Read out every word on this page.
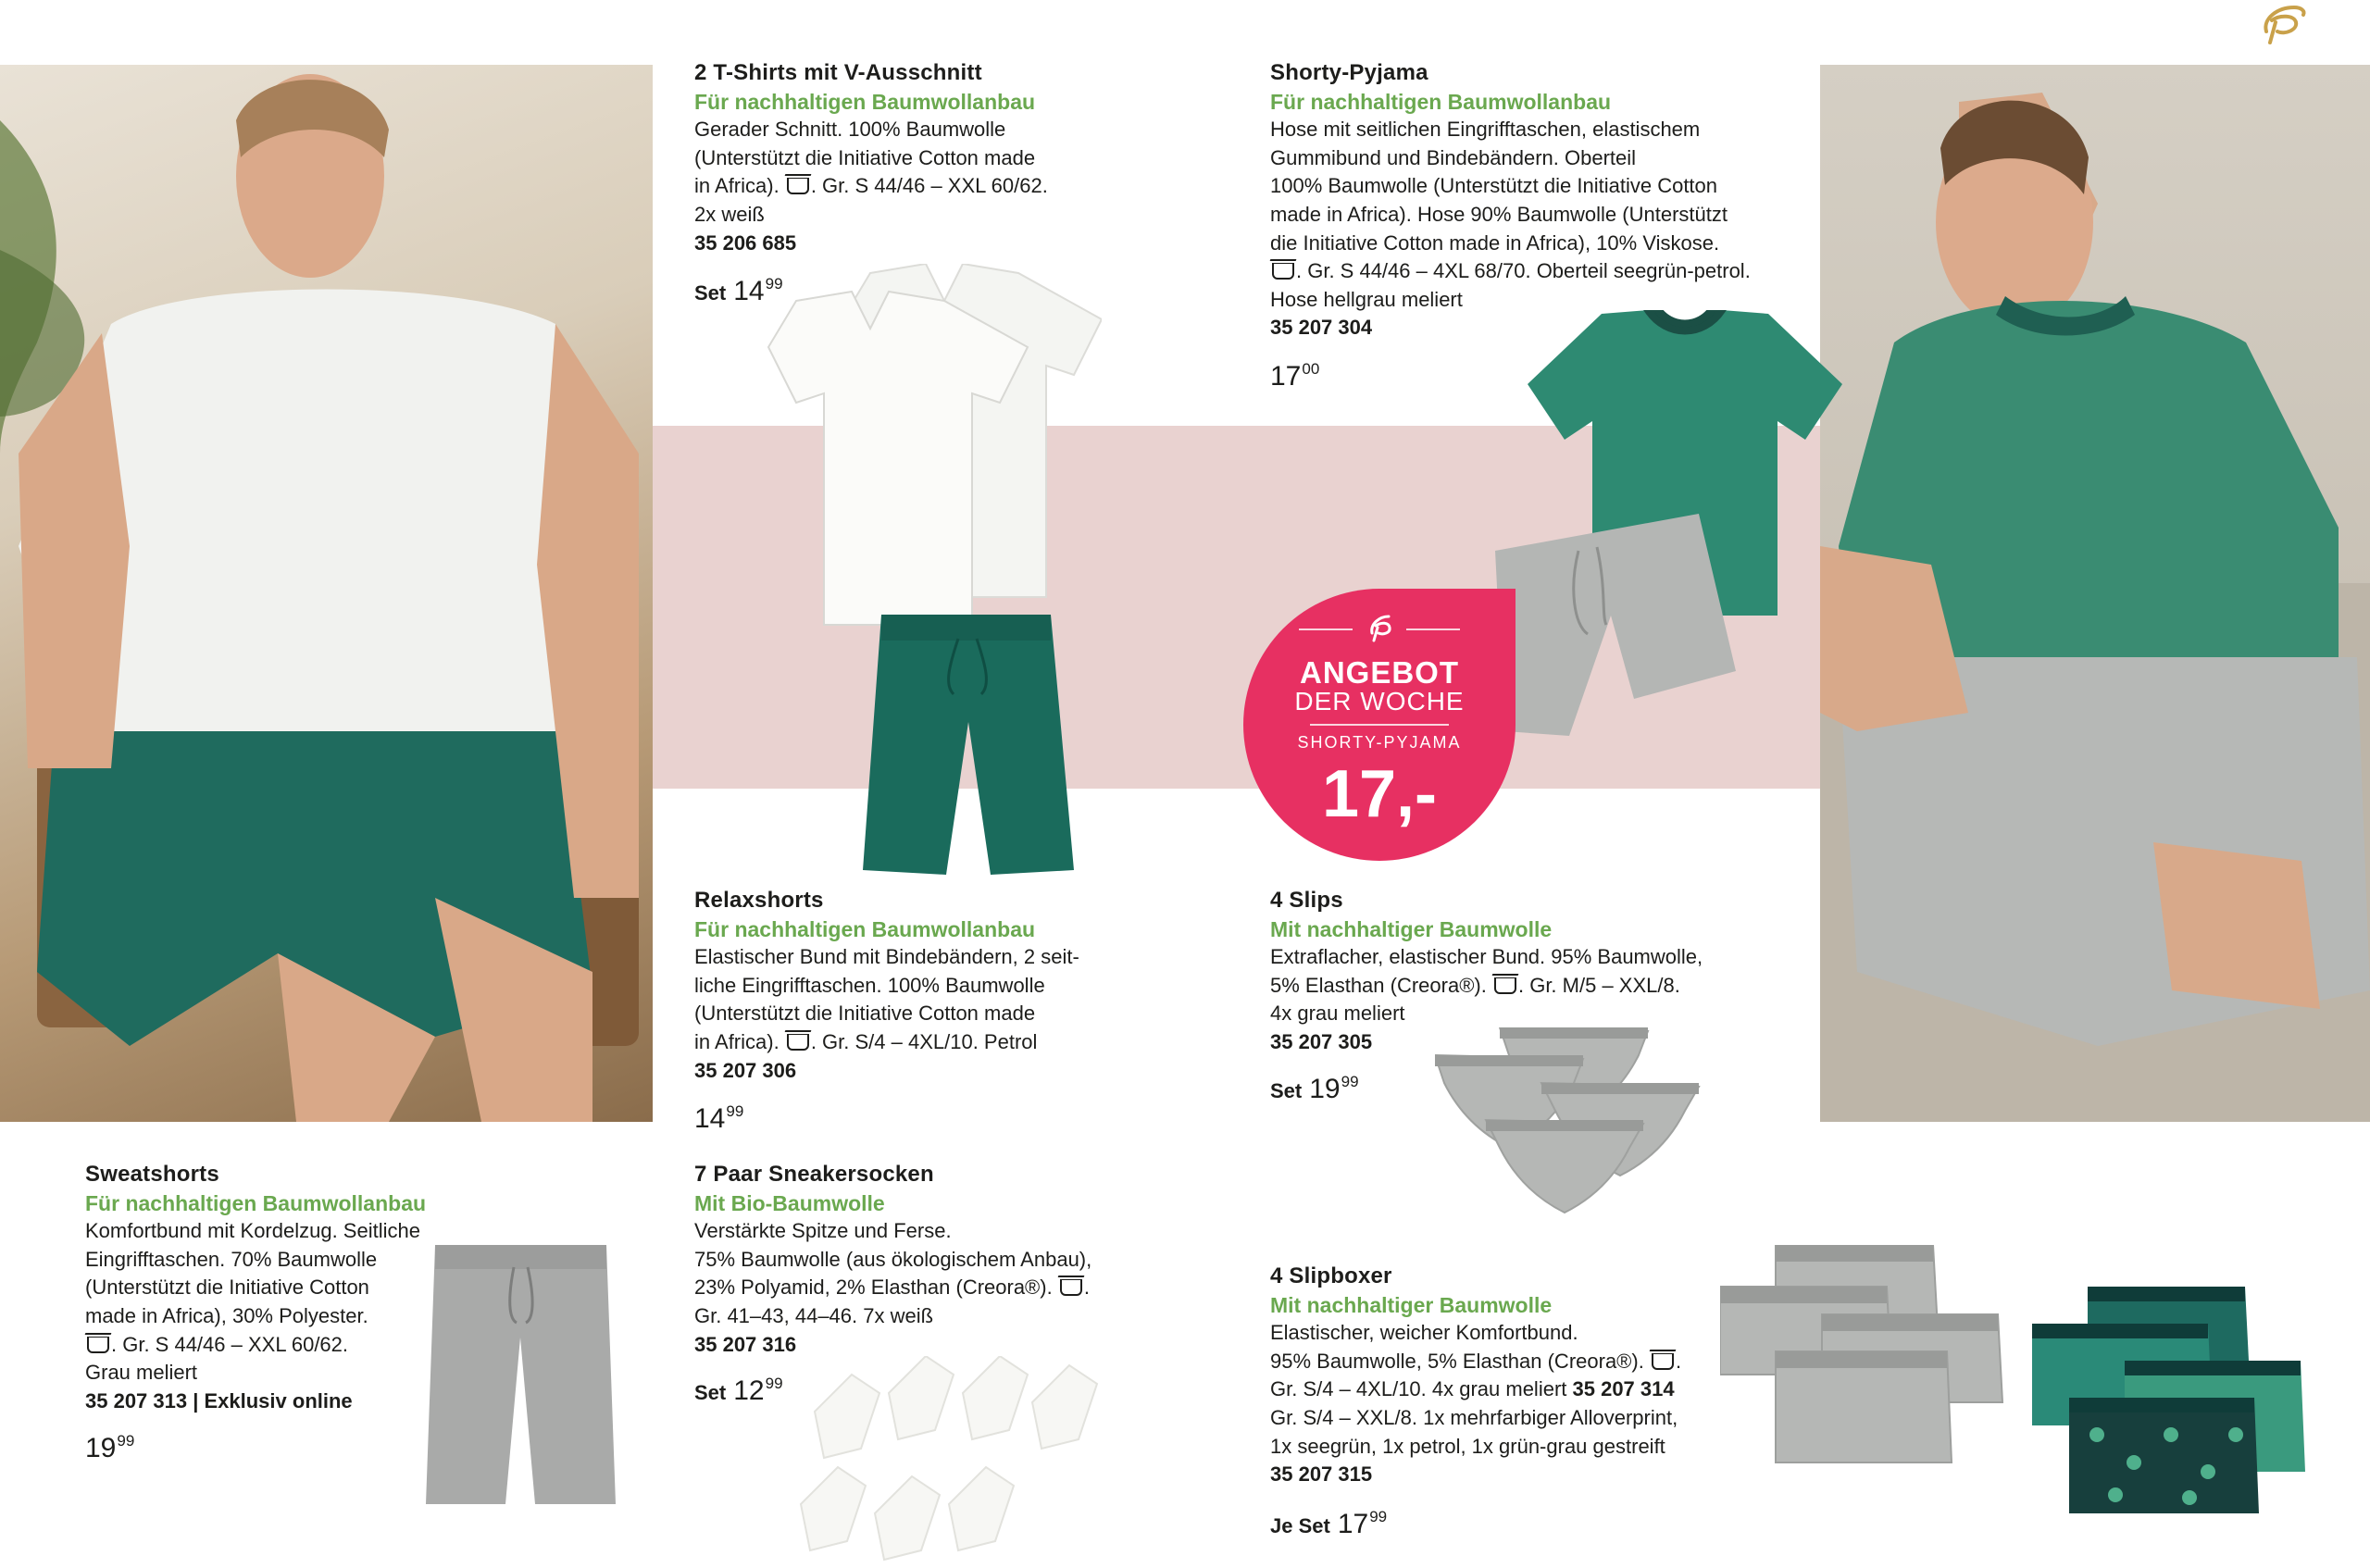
ANGEBOT
DER WOCHE
SHORTY-PYJAMA
17,-
2 T-Shirts mit V-Ausschnitt
Für nachhaltigen Baumwollanbau
Gerader Schnitt. 100% Baumwolle
(Unterstützt die Initiative Cotton made
in Africa). . Gr. S 44/46 – XXL 60/62.
2x weiß
35 206 685
Set $14^{99}$
Shorty-Pyjama
Für nachhaltigen Baumwollanbau
Hose mit seitlichen Eingrifftaschen, elastischem
Gummibund und Bindebändern. Oberteil
100% Baumwolle (Unterstützt die Initiative Cotton
made in Africa). Hose 90% Baumwolle (Unterstützt
die Initiative Cotton made in Africa), 10% Viskose.
. Gr. S 44/46 – 4XL 68/70. Oberteil seegrün-petrol.
Hose hellgrau meliert
35 207 304
$17^{00}$
Relaxshorts
Für nachhaltigen Baumwollanbau
Elastischer Bund mit Bindebändern, 2 seit-
liche Eingrifftaschen. 100% Baumwolle
(Unterstützt die Initiative Cotton made
in Africa). . Gr. S/4 – 4XL/10. Petrol
35 207 306
$14^{99}$
4 Slips
Mit nachhaltiger Baumwolle
Extraflacher, elastischer Bund. 95% Baumwolle,
5% Elasthan (Creora®). . Gr. M/5 – XXL/8.
4x grau meliert
35 207 305
Set $19^{99}$
Sweatshorts
Für nachhaltigen Baumwollanbau
Komfortbund mit Kordelzug. Seitliche
Eingrifftaschen. 70% Baumwolle
(Unterstützt die Initiative Cotton
made in Africa), 30% Polyester.
. Gr. S 44/46 – XXL 60/62.
Grau meliert
35 207 313 | Exklusiv online
$19^{99}$
7 Paar Sneakersocken
Mit Bio-Baumwolle
Verstärkte Spitze und Ferse.
75% Baumwolle (aus ökologischem Anbau),
23% Polyamid, 2% Elasthan (Creora®). .
Gr. 41–43, 44–46. 7x weiß
35 207 316
Set $12^{99}$
4 Slipboxer
Mit nachhaltiger Baumwolle
Elastischer, weicher Komfortbund.
95% Baumwolle, 5% Elasthan (Creora®). .
Gr. S/4 – 4XL/10. 4x grau meliert 35 207 314
Gr. S/4 – XXL/8. 1x mehrfarbiger Alloverprint,
1x seegrün, 1x petrol, 1x grün-grau gestreift
35 207 315
Je Set $17^{99}$
